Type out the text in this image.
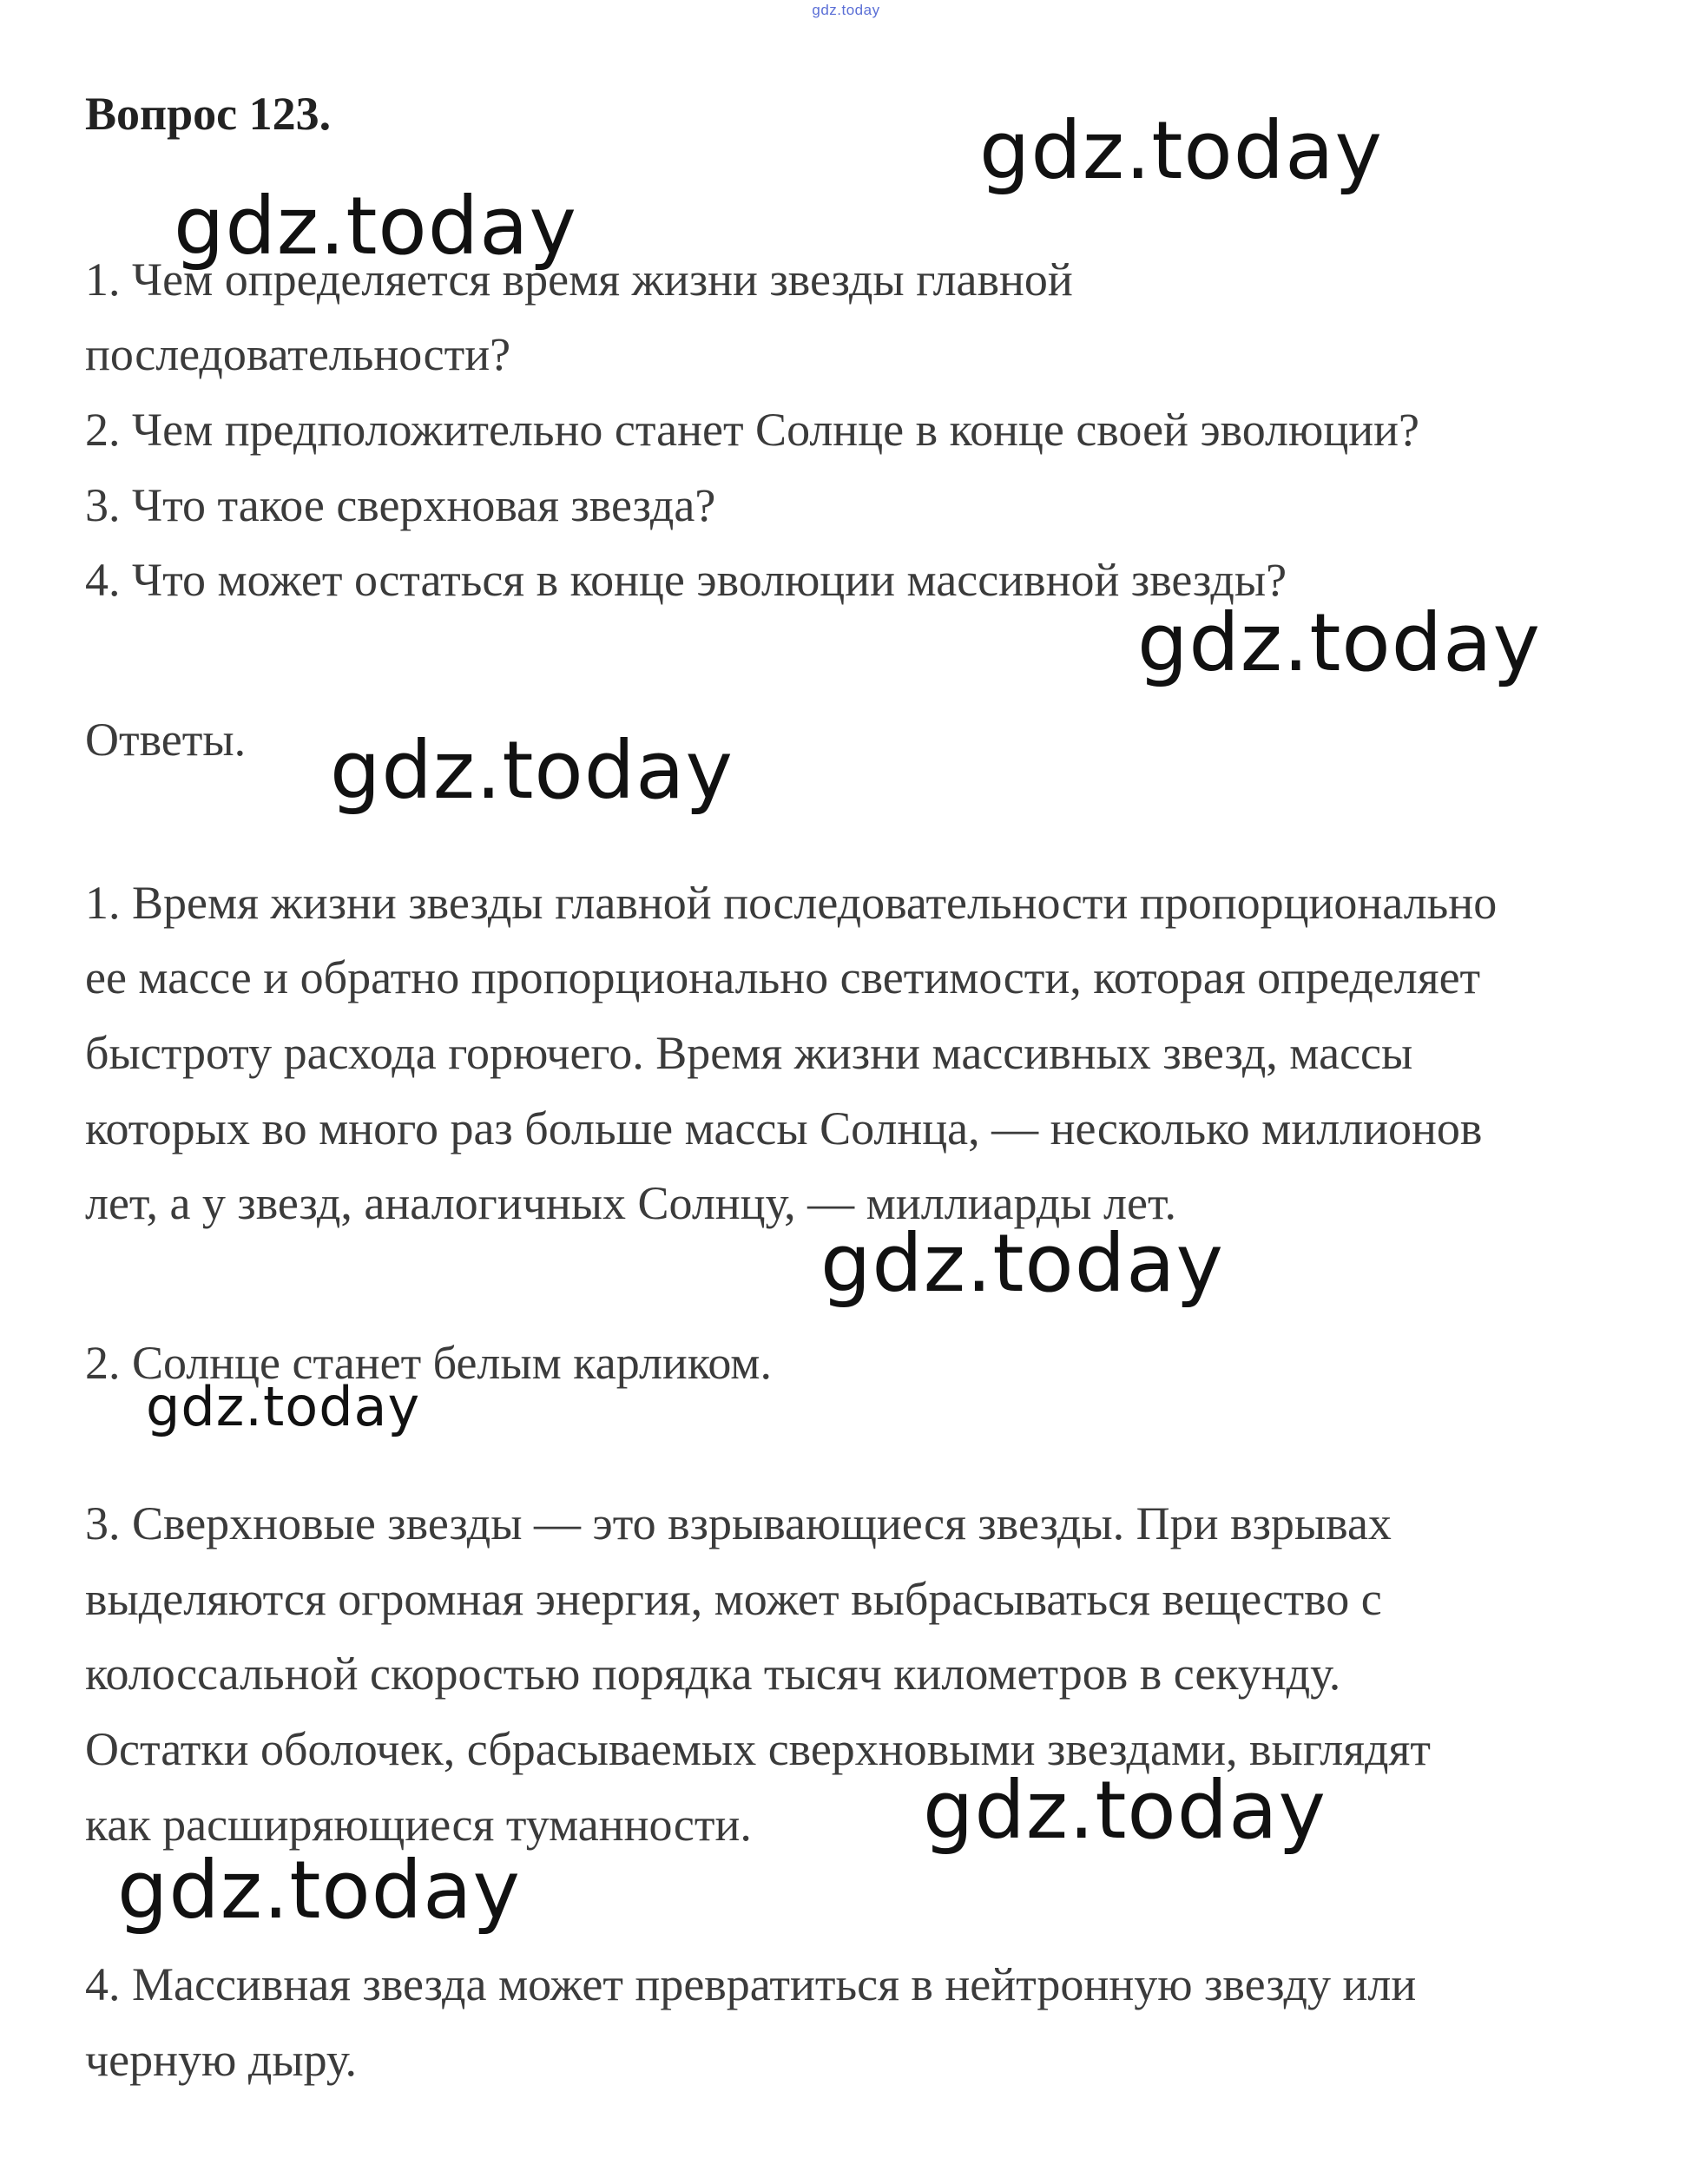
gdz.today
Вопрос 123.
1. Чем определяется время жизни звезды главной
последовательности?
2. Чем предположительно станет Солнце в конце своей эволюции?
3. Что такое сверхновая звезда?
4. Что может остаться в конце эволюции массивной звезды?
Ответы.
1. Время жизни звезды главной последовательности пропорционально
ее массе и обратно пропорционально светимости, которая определяет
быстроту расхода горючего. Время жизни массивных звезд, массы
которых во много раз больше массы Солнца, — несколько миллионов
лет, а у звезд, аналогичных Солнцу, — миллиарды лет.
2. Солнце станет белым карликом.
3. Сверхновые звезды — это взрывающиеся звезды. При взрывах
выделяются огромная энергия, может выбрасываться вещество с
колоссальной скоростью порядка тысяч километров в секунду.
Остатки оболочек, сбрасываемых сверхновыми звездами, выглядят
как расширяющиеся туманности.
4. Массивная звезда может превратиться в нейтронную звезду или
черную дыру.
gdz.today
gdz.today
gdz.today
gdz.today
gdz.today
gdz.today
gdz.today
gdz.today
